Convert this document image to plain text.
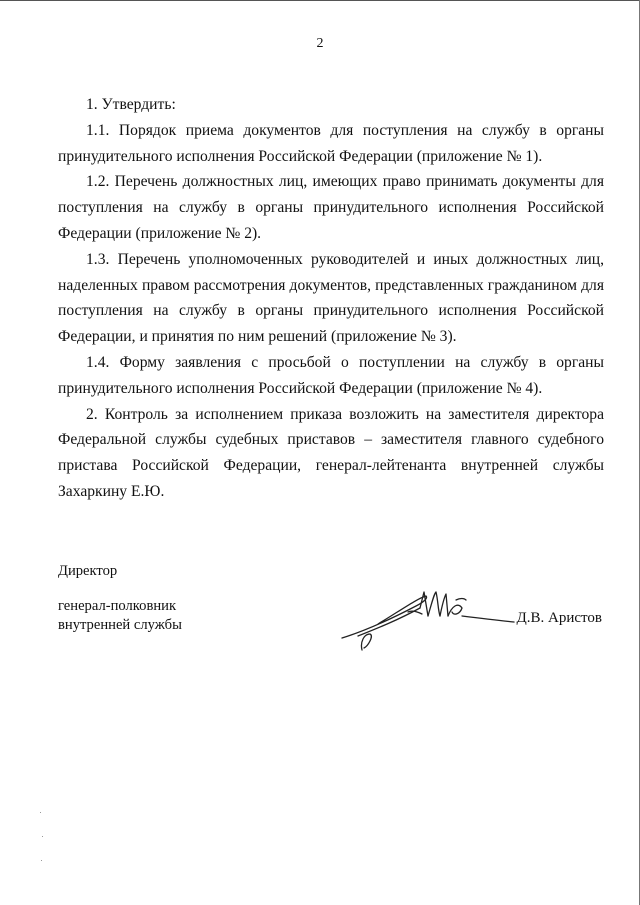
2

1. Утвердить:

1.1. Порядок приема документов для поступления на службу в органы принудительного исполнения Российской Федерации (приложение № 1).

1.2. Перечень должностных лиц, имеющих право принимать документы для поступления на службу в органы принудительного исполнения Российской Федерации (приложение № 2).

1.3. Перечень уполномоченных руководителей и иных должностных лиц, наделенных правом рассмотрения документов, представленных гражданином для поступления на службу в органы принудительного исполнения Российской Федерации, и принятия по ним решений (приложение № 3).

1.4. Форму заявления с просьбой о поступлении на службу в органы принудительного исполнения Российской Федерации (приложение № 4).

2. Контроль за исполнением приказа возложить на заместителя директора Федеральной службы судебных приставов – заместителя главного судебного пристава Российской Федерации, генерал-лейтенанта внутренней службы Захаркину Е.Ю.

Директор
генерал-полковник
внутренней службы	Д.В. Аристов
